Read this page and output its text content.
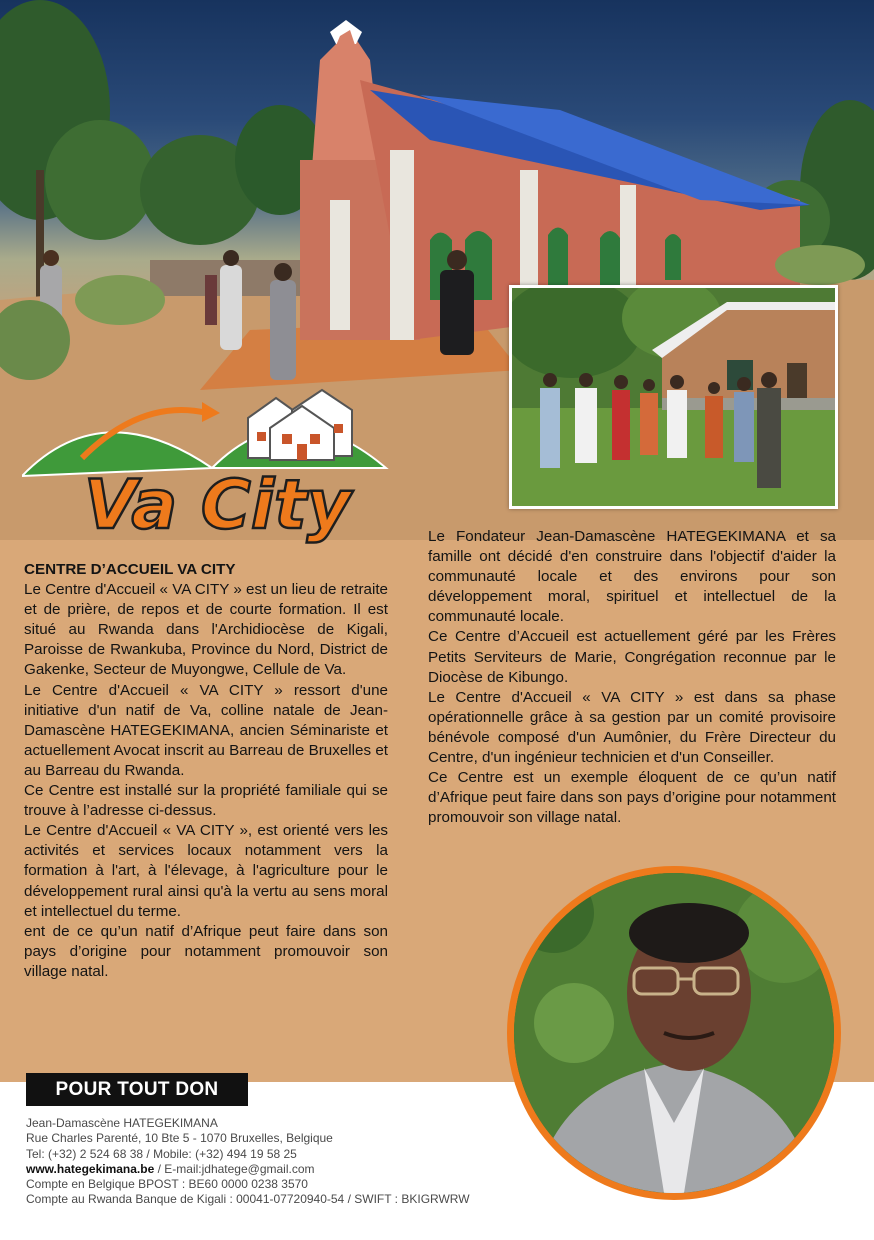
Va City

CENTRE D’ACCUEIL VA CITY

Le Centre d'Accueil « VA CITY » est un lieu de retraite et de prière, de repos et de courte formation. Il est situé au Rwanda dans l'Archidiocèse de Kigali, Paroisse de Rwankuba, Province du Nord, District de Gakenke, Secteur de Muyongwe, Cellule de Va.

Le Centre d'Accueil « VA CITY » ressort d'une initiative d'un natif de Va, colline natale de Jean-Damascène HATEGEKIMANA, ancien Séminariste et actuellement Avocat inscrit au Barreau de Bruxelles et au Barreau du Rwanda.

Ce Centre est installé sur la propriété familiale qui se trouve à l’adresse ci-dessus.

Le Centre d'Accueil « VA CITY », est orienté vers les activités et services locaux notamment vers la formation à l'art, à l'élevage, à l'agriculture pour le développement rural ainsi qu'à la vertu au sens moral et intellectuel du terme.

ent de ce qu’un natif d’Afrique peut faire dans son pays d’origine pour notamment promouvoir son village natal.

Le Fondateur Jean-Damascène HATEGEKIMANA et sa famille ont décidé d'en construire dans l'objectif d'aider la communauté locale et des environs pour son développement moral, spirituel et intellectuel de la communauté locale.

Ce Centre d’Accueil est actuellement géré par les Frères Petits Serviteurs de Marie, Congrégation reconnue par le Diocèse de Kibungo.

Le Centre d'Accueil « VA CITY » est dans sa phase opérationnelle grâce à sa gestion par un comité provisoire bénévole composé d'un Aumônier, du Frère Directeur du Centre, d'un ingénieur technicien et d'un Conseiller.

Ce Centre est un exemple éloquent de ce qu’un natif d’Afrique peut faire dans son pays d’origine pour notamment promouvoir son village natal.

POUR TOUT DON
Jean-Damascène HATEGEKIMANA
Rue Charles Parenté, 10 Bte 5 - 1070 Bruxelles, Belgique
Tel: (+32) 2 524 68 38 / Mobile: (+32) 494 19 58 25
www.hategekimana.be / E-mail:jdhatege@gmail.com
Compte en Belgique BPOST : BE60 0000 0238 3570
Compte au Rwanda Banque de Kigali : 00041-07720940-54 / SWIFT : BKIGRWRW
